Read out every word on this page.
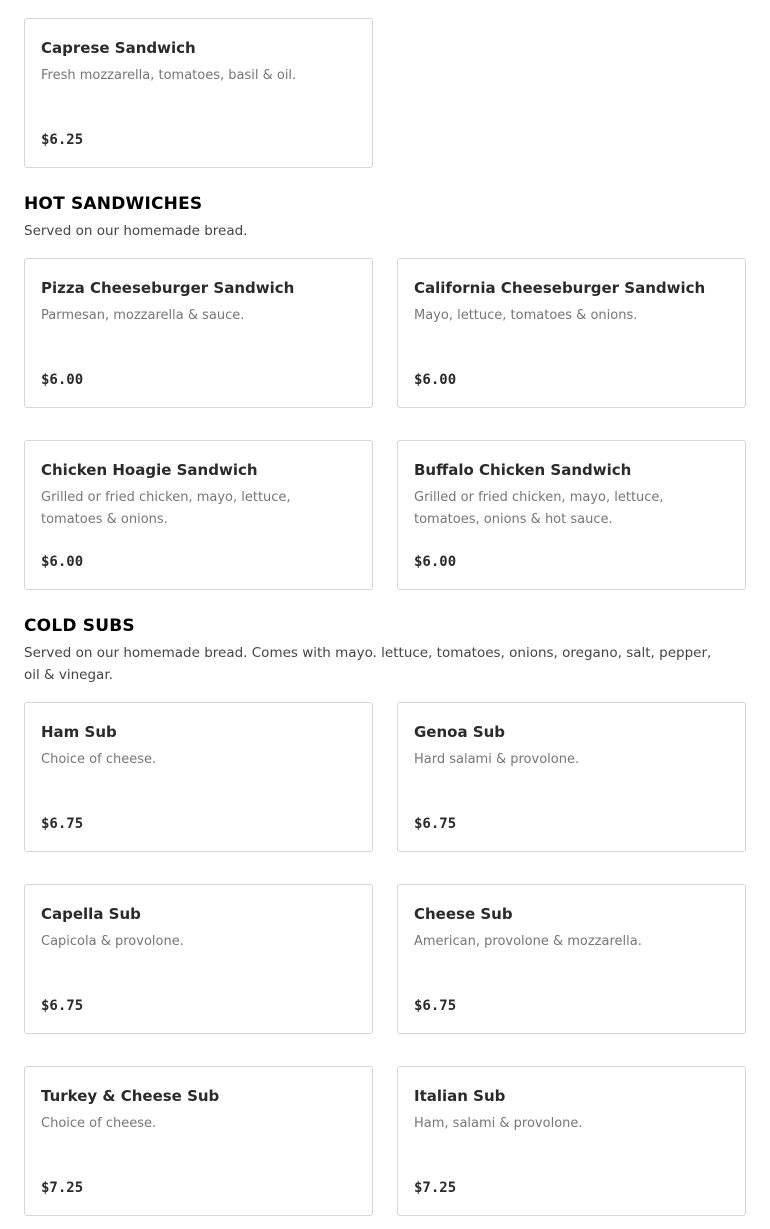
Caprese Sandwich
Fresh mozzarella, tomatoes, basil & oil.
$6.25
HOT SANDWICHES
Served on our homemade bread.
Pizza Cheeseburger Sandwich
Parmesan, mozzarella & sauce.
$6.00
California Cheeseburger Sandwich
Mayo, lettuce, tomatoes & onions.
$6.00
Chicken Hoagie Sandwich
Grilled or fried chicken, mayo, lettuce, tomatoes & onions.
$6.00
Buffalo Chicken Sandwich
Grilled or fried chicken, mayo, lettuce, tomatoes, onions & hot sauce.
$6.00
COLD SUBS
Served on our homemade bread. Comes with mayo. lettuce, tomatoes, onions, oregano, salt, pepper, oil & vinegar.
Ham Sub
Choice of cheese.
$6.75
Genoa Sub
Hard salami & provolone.
$6.75
Capella Sub
Capicola & provolone.
$6.75
Cheese Sub
American, provolone & mozzarella.
$6.75
Turkey & Cheese Sub
Choice of cheese.
$7.25
Italian Sub
Ham, salami & provolone.
$7.25
